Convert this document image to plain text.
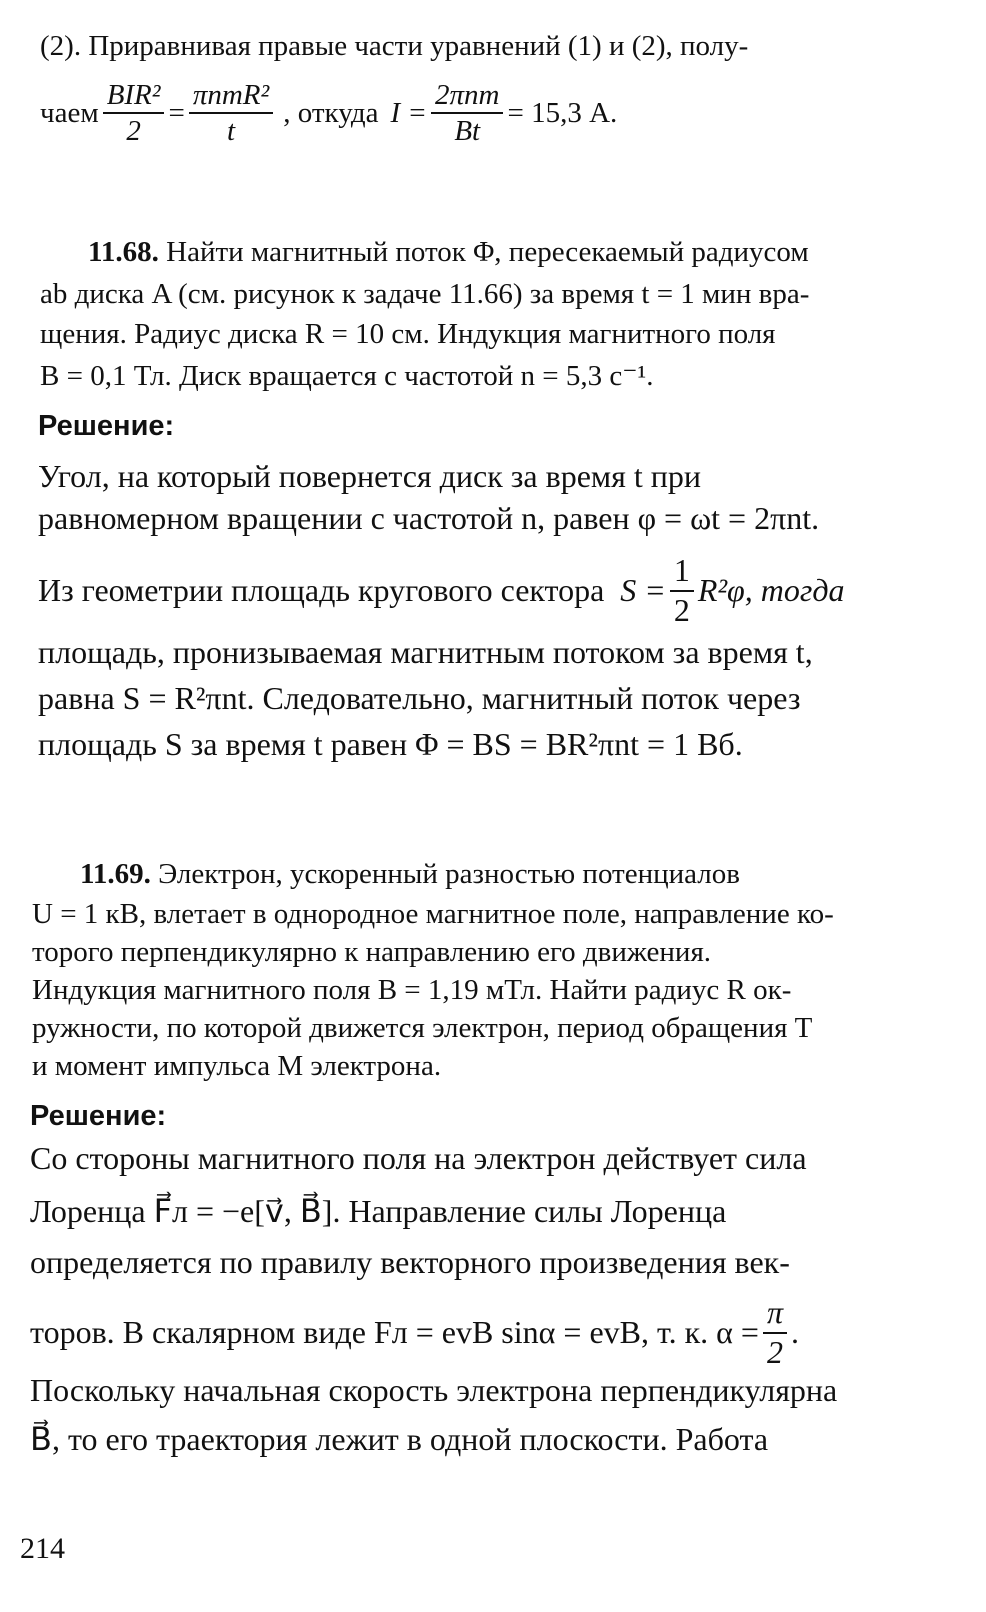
(2). Приравнивая правые части уравнений (1) и (2), полу-
чаем $\frac{\text{BIR²}}{2} = \frac{\text{πnmR²}}{t}$ , откуда $I = \frac{\text{2πnm}}{Bt} = 15,3$ А.
11.68. Найти магнитный поток Φ, пересекаемый радиусом
ab диска A (см. рисунок к задаче 11.66) за время t = 1 мин вра-
щения. Радиус диска R = 10 см. Индукция магнитного поля
B = 0,1 Тл. Диск вращается с частотой n = 5,3 с⁻¹.
Решение:
Угол, на который повернется диск за время t при
равномерном вращении с частотой n, равен φ = ωt = 2πnt.
Из геометрии площадь кругового сектора $S = \frac{1}{2} R^2\varphi$, тогда
площадь, пронизываемая магнитным потоком за время t,
равна S = R²πnt. Следовательно, магнитный поток через
площадь S за время t равен Φ = BS = BR²πnt = 1 Вб.
11.69. Электрон, ускоренный разностью потенциалов
U = 1 кВ, влетает в однородное магнитное поле, направление ко-
торого перпендикулярно к направлению его движения.
Индукция магнитного поля B = 1,19 мТл. Найти радиус R ок-
ружности, по которой движется электрон, период обращения T
и момент импульса M электрона.
Решение:
Со стороны магнитного поля на электрон действует сила
Лоренца F⃗л = −e[v⃗, B⃗]. Направление силы Лоренца
определяется по правилу векторного произведения век-
торов. В скалярном виде Fл = evB sinα = evB, т. к. $\alpha = \frac{\pi}{2}$ .
Поскольку начальная скорость электрона перпендикулярна
B⃗, то его траектория лежит в одной плоскости. Работа
214
